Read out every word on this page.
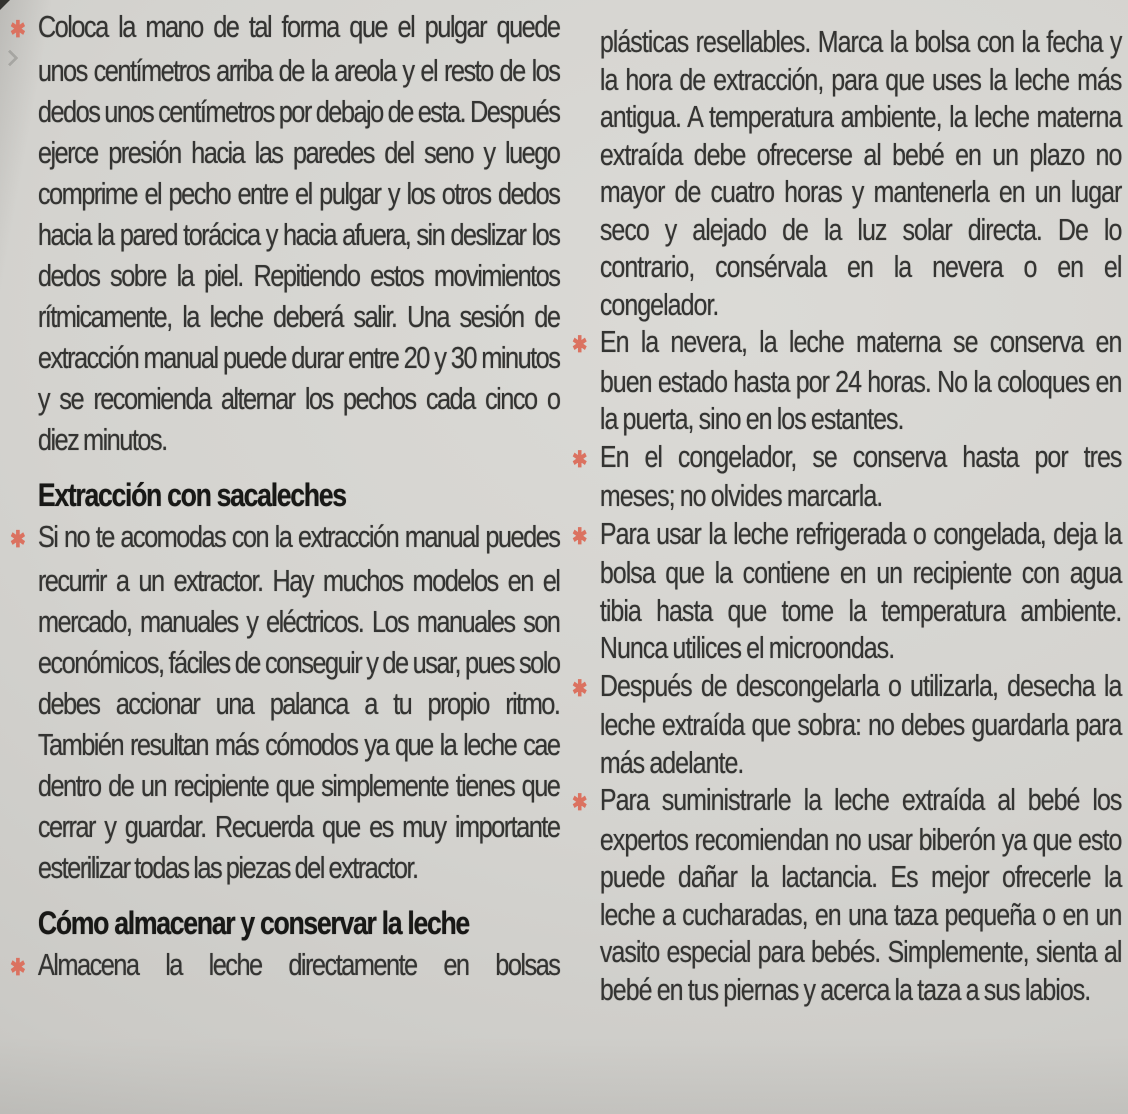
✱ Coloca la mano de tal forma que el pulgar quede unos centímetros arriba de la areola y el resto de los dedos unos centímetros por debajo de esta. Después ejerce presión hacia las paredes del seno y luego comprime el pecho entre el pulgar y los otros dedos hacia la pared torácica y hacia afuera, sin deslizar los dedos sobre la piel. Repitiendo estos movimientos rítmicamente, la leche deberá salir. Una sesión de extracción manual puede durar entre 20 y 30 minutos y se recomienda alternar los pechos cada cinco o diez minutos.

Extracción con sacaleches

✱ Si no te acomodas con la extracción manual puedes recurrir a un extractor. Hay muchos modelos en el mercado, manuales y eléctricos. Los manuales son económicos, fáciles de conseguir y de usar, pues solo debes accionar una palanca a tu propio ritmo. También resultan más cómodos ya que la leche cae dentro de un recipiente que simplemente tienes que cerrar y guardar. Recuerda que es muy importante esterilizar todas las piezas del extractor.

Cómo almacenar y conservar la leche

✱ Almacena la leche directamente en bolsas

plásticas resellables. Marca la bolsa con la fecha y la hora de extracción, para que uses la leche más antigua. A temperatura ambiente, la leche materna extraída debe ofrecerse al bebé en un plazo no mayor de cuatro horas y mantenerla en un lugar seco y alejado de la luz solar directa. De lo contrario, consérvala en la nevera o en el congelador.

✱ En la nevera, la leche materna se conserva en buen estado hasta por 24 horas. No la coloques en la puerta, sino en los estantes.

✱ En el congelador, se conserva hasta por tres meses; no olvides marcarla.

✱ Para usar la leche refrigerada o congelada, deja la bolsa que la contiene en un recipiente con agua tibia hasta que tome la temperatura ambiente. Nunca utilices el microondas.

✱ Después de descongelarla o utilizarla, desecha la leche extraída que sobra: no debes guardarla para más adelante.

✱ Para suministrarle la leche extraída al bebé los expertos recomiendan no usar biberón ya que esto puede dañar la lactancia. Es mejor ofrecerle la leche a cucharadas, en una taza pequeña o en un vasito especial para bebés. Simplemente, sienta al bebé en tus piernas y acerca la taza a sus labios.
